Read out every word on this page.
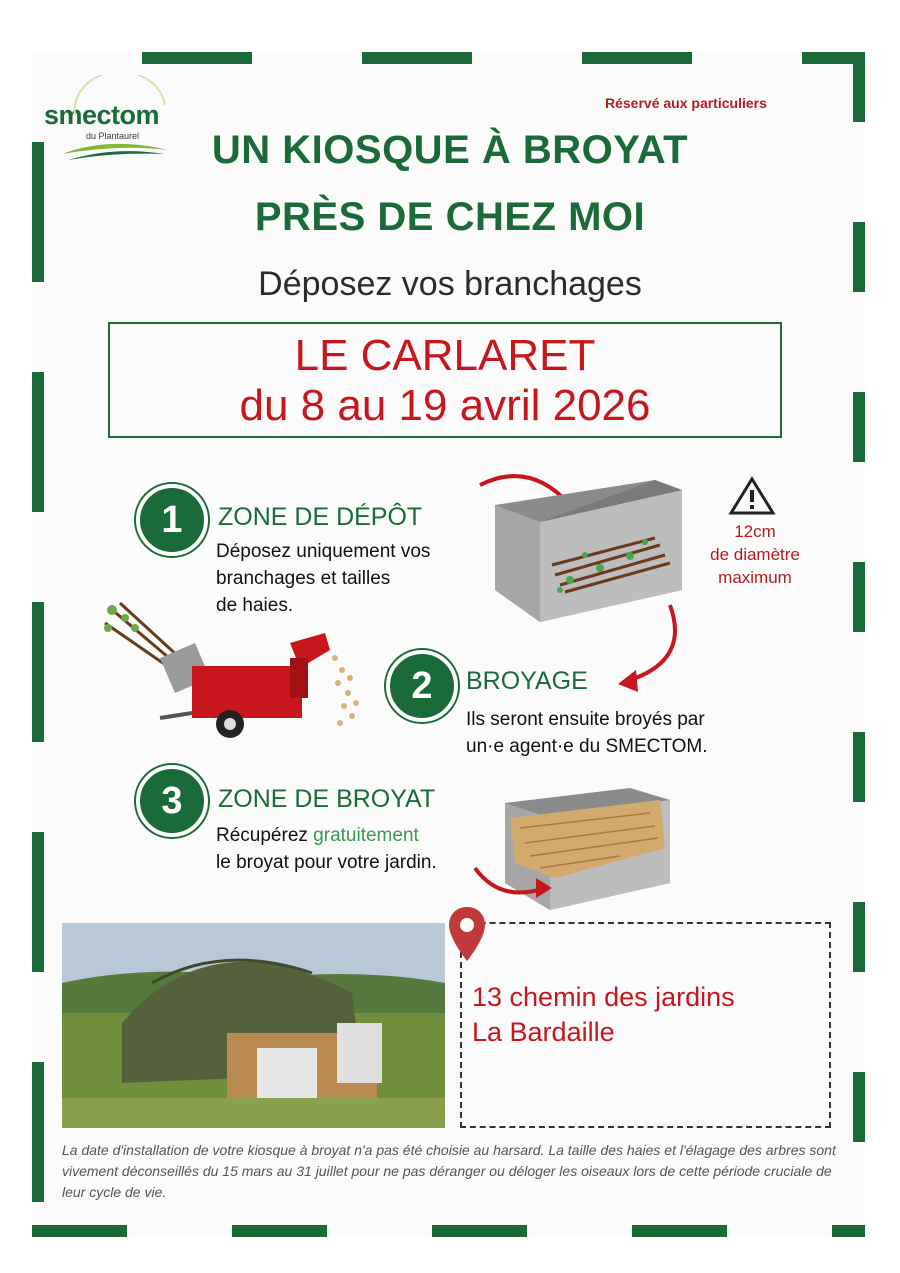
smectom
du Plantaurel
Réservé aux particuliers
UN KIOSQUE À BROYAT
PRÈS DE CHEZ MOI
Déposez vos branchages
LE CARLARET
du 8 au 19 avril 2026
1	ZONE DE DÉPÔT
Déposez uniquement vos
branchages et tailles
de haies.
12cm
de diamètre
maximum
2	BROYAGE
Ils seront ensuite broyés par
un·e agent·e du SMECTOM.
3	ZONE DE BROYAT
Récupérez gratuitement
le broyat pour votre jardin.
13 chemin des jardins
La Bardaille
La date d'installation de votre kiosque à broyat n'a pas été choisie au harsard. La taille des haies et l'élagage des arbres sont vivement déconseillés du 15 mars au 31 juillet pour ne pas déranger ou déloger les oiseaux lors de cette période cruciale de leur cycle de vie.
